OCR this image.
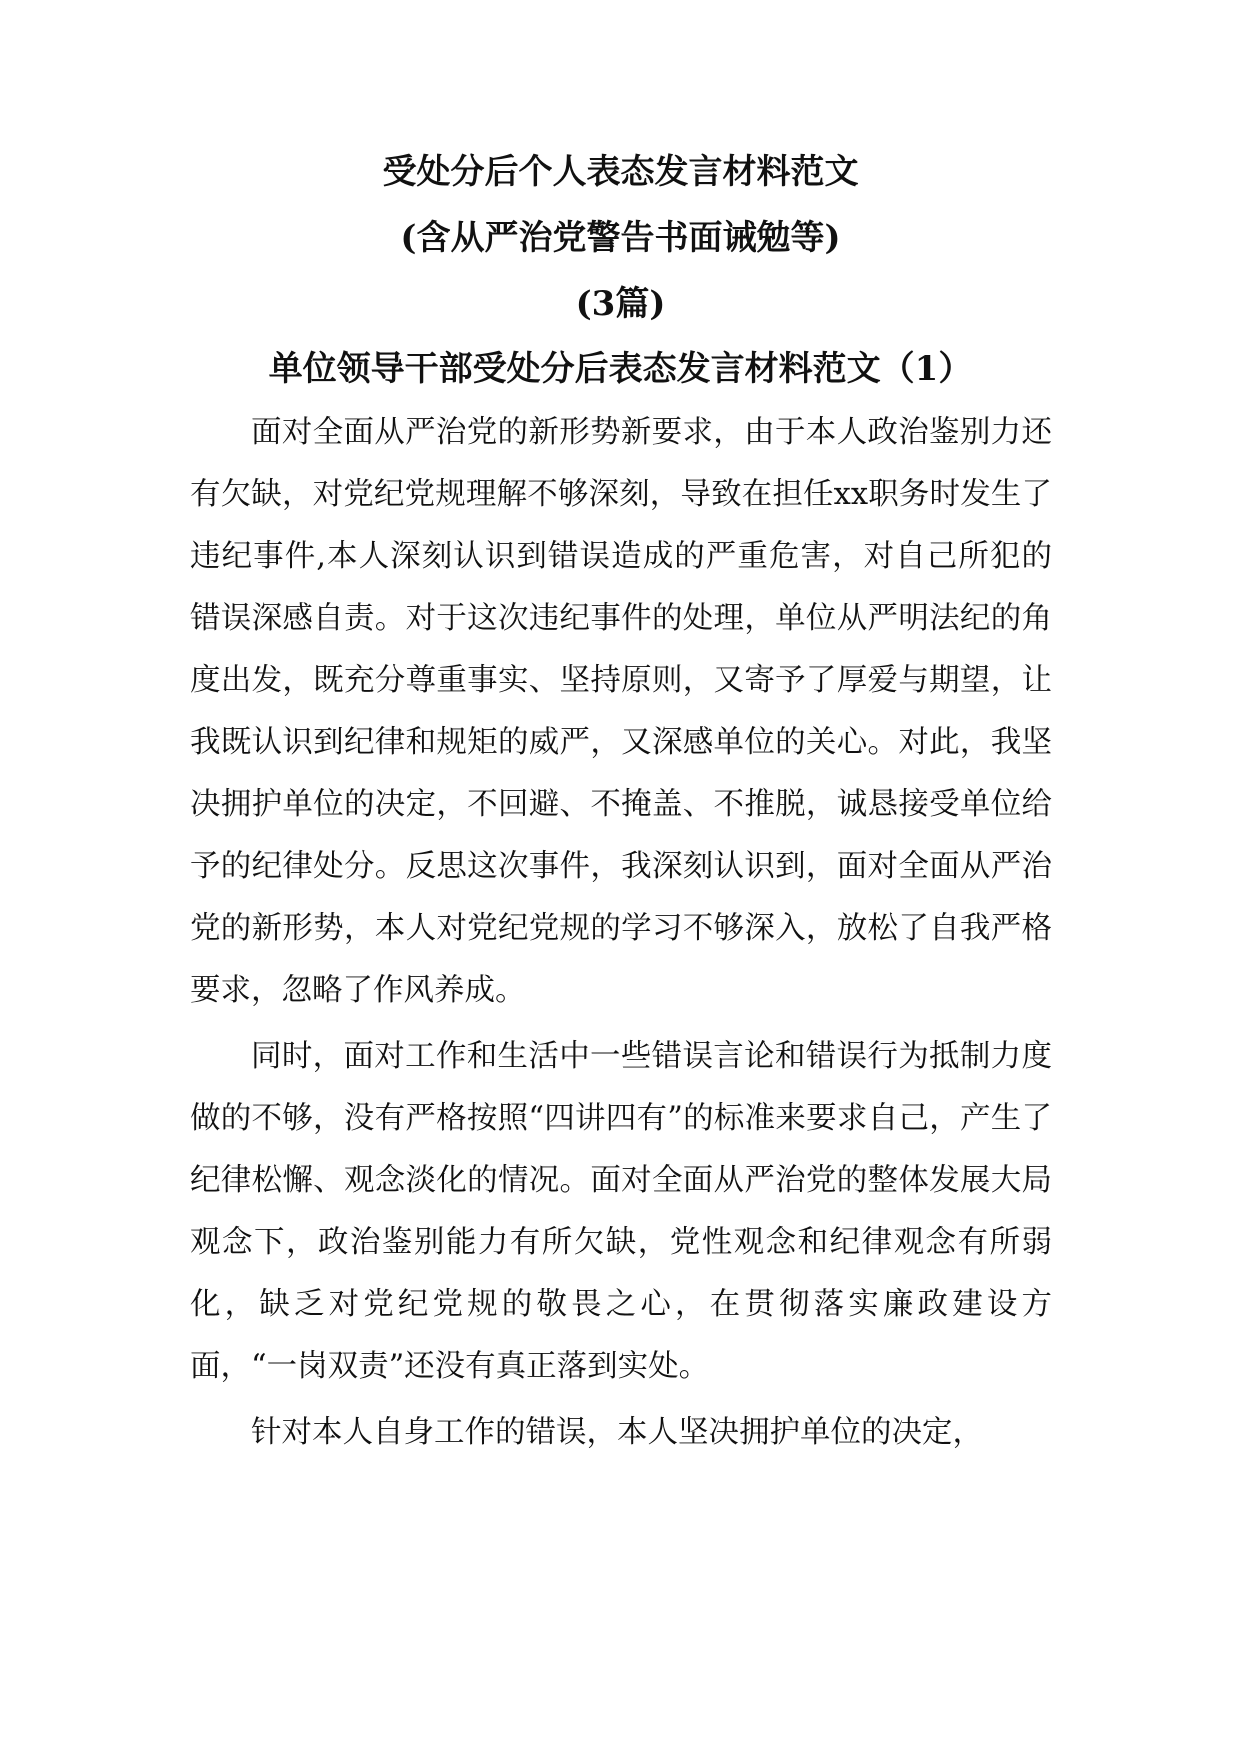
受处分后个人表态发言材料范文
(含从严治党警告书面诫勉等)
(3篇)
单位领导干部受处分后表态发言材料范文（1）

面对全面从严治党的新形势新要求，由于本人政治鉴别力还有欠缺，对党纪党规理解不够深刻，导致在担任xx职务时发生了违纪事件,本人深刻认识到错误造成的严重危害，对自己所犯的错误深感自责。对于这次违纪事件的处理，单位从严明法纪的角度出发，既充分尊重事实、坚持原则，又寄予了厚爱与期望，让我既认识到纪律和规矩的威严，又深感单位的关心。对此，我坚决拥护单位的决定，不回避、不掩盖、不推脱，诚恳接受单位给予的纪律处分。反思这次事件，我深刻认识到，面对全面从严治党的新形势，本人对党纪党规的学习不够深入，放松了自我严格要求，忽略了作风养成。

同时，面对工作和生活中一些错误言论和错误行为抵制力度做的不够，没有严格按照“四讲四有”的标准来要求自己，产生了纪律松懈、观念淡化的情况。面对全面从严治党的整体发展大局观念下，政治鉴别能力有所欠缺，党性观念和纪律观念有所弱化，缺乏对党纪党规的敬畏之心，在贯彻落实廉政建设方面，“一岗双责”还没有真正落到实处。

针对本人自身工作的错误，本人坚决拥护单位的决定，
